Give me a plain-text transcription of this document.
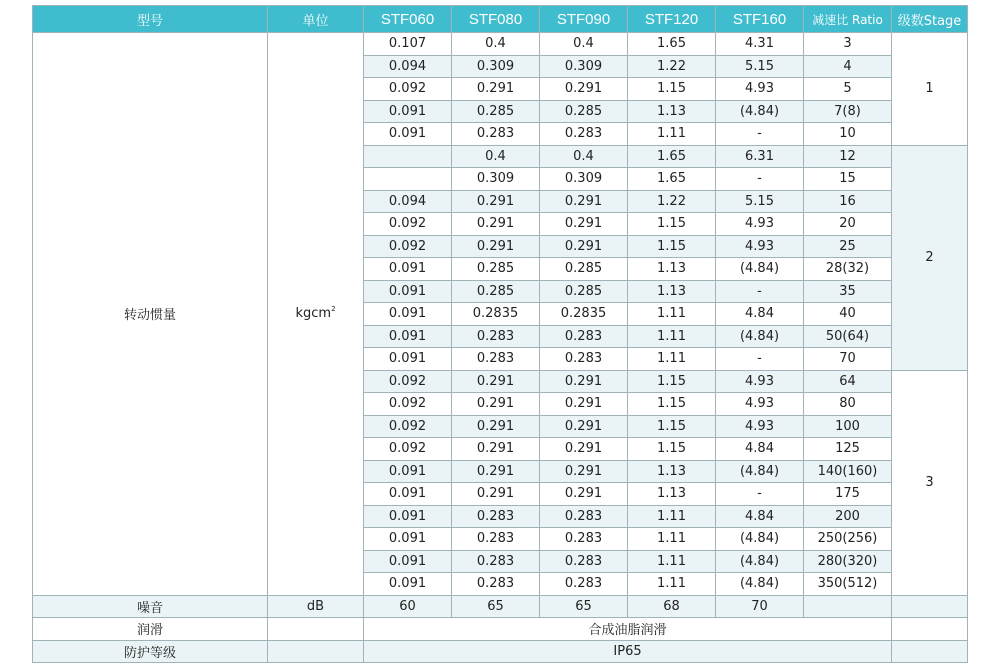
型号	单位	STF060	STF080	STF090	STF120	STF160	减速比 Ratio	级数Stage
转动惯量	kgcm$^2$	0.107	0.4	0.4	1.65	4.31	3	1
		0.094	0.309	0.309	1.22	5.15	4	
		0.092	0.291	0.291	1.15	4.93	5	
		0.091	0.285	0.285	1.13	(4.84)	7(8)	
		0.091	0.283	0.283	1.11	-	10	
			0.4	0.4	1.65	6.31	12	2
			0.309	0.309	1.65	-	15	
		0.094	0.291	0.291	1.22	5.15	16	
		0.092	0.291	0.291	1.15	4.93	20	
		0.092	0.291	0.291	1.15	4.93	25	
		0.091	0.285	0.285	1.13	(4.84)	28(32)	
		0.091	0.285	0.285	1.13	-	35	
		0.091	0.2835	0.2835	1.11	4.84	40	
		0.091	0.283	0.283	1.11	(4.84)	50(64)	
		0.091	0.283	0.283	1.11	-	70	
		0.092	0.291	0.291	1.15	4.93	64	3
		0.092	0.291	0.291	1.15	4.93	80	
		0.092	0.291	0.291	1.15	4.93	100	
		0.092	0.291	0.291	1.15	4.84	125	
		0.091	0.291	0.291	1.13	(4.84)	140(160)	
		0.091	0.291	0.291	1.13	-	175	
		0.091	0.283	0.283	1.11	4.84	200	
		0.091	0.283	0.283	1.11	(4.84)	250(256)	
		0.091	0.283	0.283	1.11	(4.84)	280(320)	
		0.091	0.283	0.283	1.11	(4.84)	350(512)	
噪音	dB	60	65	65	68	70		
润滑		合成油脂润滑						
防护等级		IP65						
